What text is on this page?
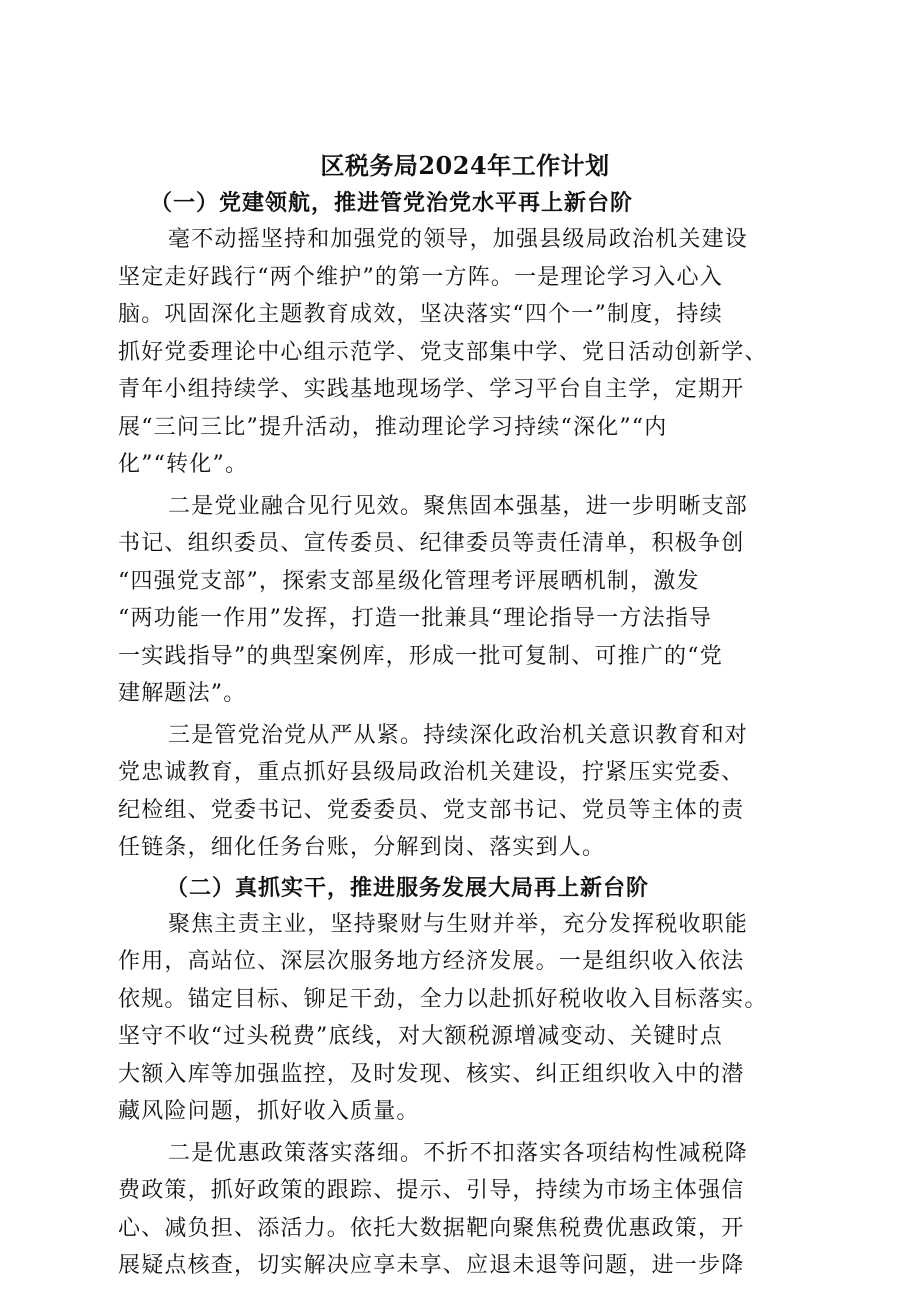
区税务局2024年工作计划
（一）党建领航，推进管党治党水平再上新台阶

毫不动摇坚持和加强党的领导，加强县级局政治机关建设
坚定走好践行“两个维护”的第一方阵。一是理论学习入心入
脑。巩固深化主题教育成效，坚决落实“四个一”制度，持续
抓好党委理论中心组示范学、党支部集中学、党日活动创新学、
青年小组持续学、实践基地现场学、学习平台自主学，定期开
展“三问三比”提升活动，推动理论学习持续“深化”“内
化”“转化”。

二是党业融合见行见效。聚焦固本强基，进一步明晰支部
书记、组织委员、宣传委员、纪律委员等责任清单，积极争创
“四强党支部”，探索支部星级化管理考评展晒机制，激发
“两功能一作用”发挥，打造一批兼具“理论指导一方法指导
一实践指导”的典型案例库，形成一批可复制、可推广的“党
建解题法”。

三是管党治党从严从紧。持续深化政治机关意识教育和对
党忠诚教育，重点抓好县级局政治机关建设，拧紧压实党委、
纪检组、党委书记、党委委员、党支部书记、党员等主体的责
任链条，细化任务台账，分解到岗、落实到人。

（二）真抓实干，推进服务发展大局再上新台阶

聚焦主责主业，坚持聚财与生财并举，充分发挥税收职能
作用，高站位、深层次服务地方经济发展。一是组织收入依法
依规。锚定目标、铆足干劲，全力以赴抓好税收收入目标落实。
坚守不收“过头税费”底线，对大额税源增减变动、关键时点
大额入库等加强监控，及时发现、核实、纠正组织收入中的潜
藏风险问题，抓好收入质量。

二是优惠政策落实落细。不折不扣落实各项结构性减税降
费政策，抓好政策的跟踪、提示、引导，持续为市场主体强信
心、减负担、添活力。依托大数据靶向聚焦税费优惠政策，开
展疑点核查，切实解决应享未享、应退未退等问题，进一步降
